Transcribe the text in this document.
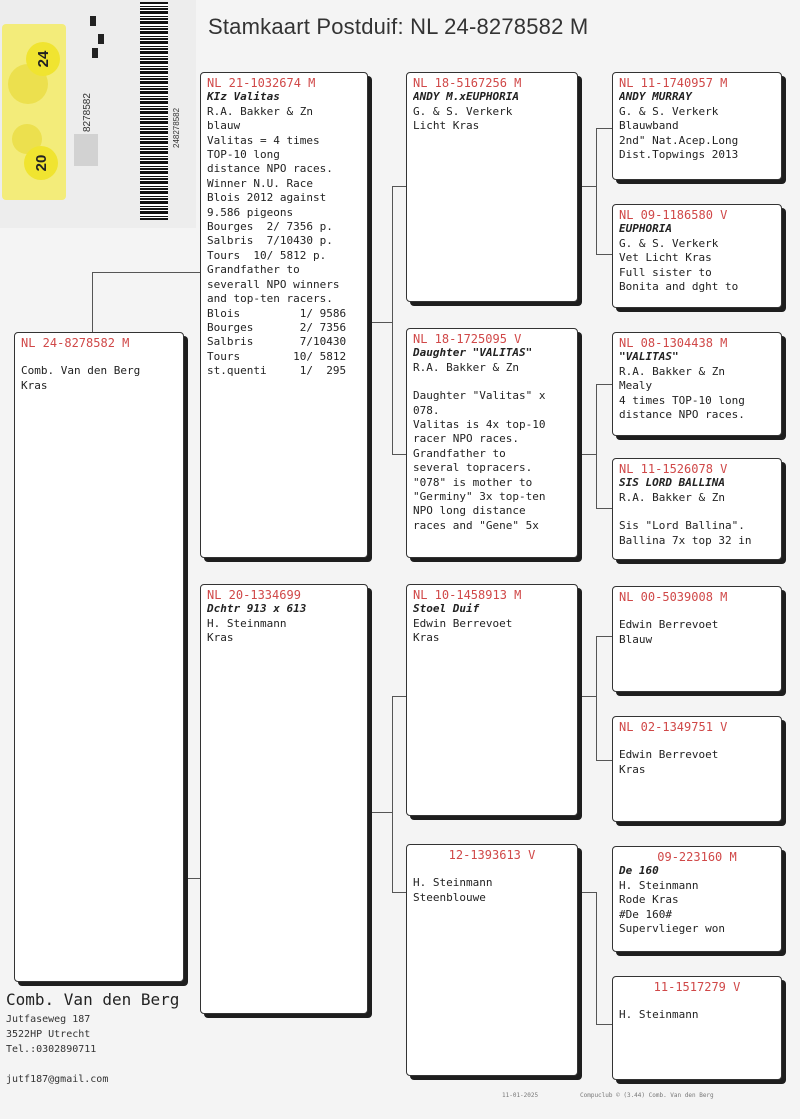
Stamkaart Postduif: NL 24-8278582 M
24
20
8278582	248278582
NL 24-8278582 M
Comb. Van den Berg
Kras
NL 21-1032674 M
KIz Valitas
R.A. Bakker & Zn
blauw
Valitas = 4 times
TOP-10 long
distance NPO races.
Winner N.U. Race
Blois 2012 against
9.586 pigeons
Bourges  2/ 7356 p.
Salbris  7/10430 p.
Tours  10/ 5812 p.
Grandfather to
severall NPO winners
and top-ten racers.
Blois         1/ 9586
Bourges       2/ 7356
Salbris       7/10430
Tours        10/ 5812
st.quenti     1/  295
NL 20-1334699
Dchtr 913 x 613
H. Steinmann
Kras
NL 18-5167256 M
ANDY M.xEUPHORIA
G. & S. Verkerk
Licht Kras
NL 18-1725095 V
Daughter "VALITAS"
R.A. Bakker & Zn
Daughter "Valitas" x
078.
Valitas is 4x top-10
racer NPO races.
Grandfather to
several topracers.
"078" is mother to
"Germiny" 3x top-ten
NPO long distance
races and "Gene" 5x
NL 10-1458913 M
Stoel Duif
Edwin Berrevoet
Kras
12-1393613 V
H. Steinmann
Steenblouwe
NL 11-1740957 M
ANDY MURRAY
G. & S. Verkerk
Blauwband
2nd" Nat.Acep.Long
Dist.Topwings 2013
NL 09-1186580 V
EUPHORIA
G. & S. Verkerk
Vet Licht Kras
Full sister to
Bonita and dght to
NL 08-1304438 M
"VALITAS"
R.A. Bakker & Zn
Mealy
4 times TOP-10 long
distance NPO races.
NL 11-1526078 V
SIS LORD BALLINA
R.A. Bakker & Zn
Sis "Lord Ballina".
Ballina 7x top 32 in
NL 00-5039008 M
Edwin Berrevoet
Blauw
NL 02-1349751 V
Edwin Berrevoet
Kras
09-223160 M
De 160
H. Steinmann
Rode Kras
#De 160#
Supervlieger won
11-1517279 V
H. Steinmann
Comb. Van den Berg
Jutfaseweg 187
3522HP Utrecht
Tel.:0302890711
jutf187@gmail.com
11-01-2025	Compuclub © (3.44) Comb. Van den Berg
